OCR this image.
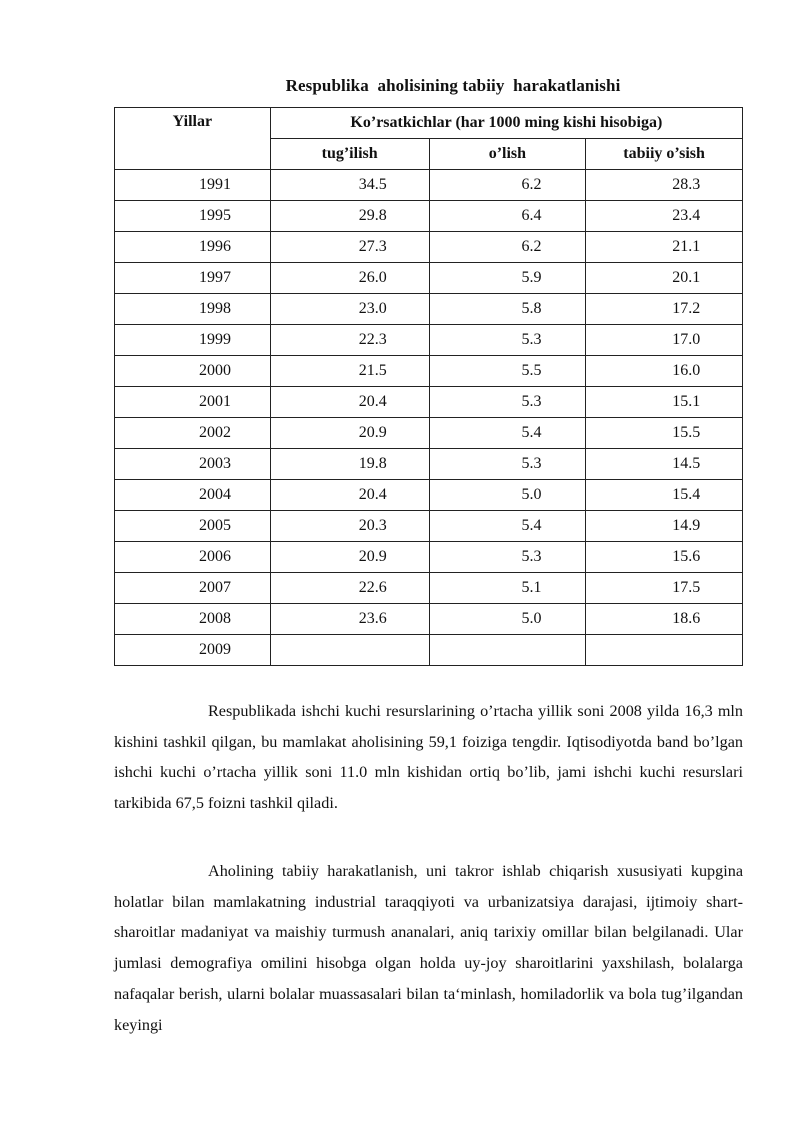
Respublika  aholisining tabiiy  harakatlanishi
Yillar	Ko’rsatkichlar (har 1000 ming kishi hisobiga)		
	tug’ilish	o’lish	tabiiy o’sish
1991	34.5	6.2	28.3
1995	29.8	6.4	23.4
1996	27.3	6.2	21.1
1997	26.0	5.9	20.1
1998	23.0	5.8	17.2
1999	22.3	5.3	17.0
2000	21.5	5.5	16.0
2001	20.4	5.3	15.1
2002	20.9	5.4	15.5
2003	19.8	5.3	14.5
2004	20.4	5.0	15.4
2005	20.3	5.4	14.9
2006	20.9	5.3	15.6
2007	22.6	5.1	17.5
2008	23.6	5.0	18.6
2009			
Respublikada ishchi kuchi resurslarining o’rtacha yillik soni 2008 yilda 16,3 mln kishini tashkil qilgan, bu mamlakat aholisining 59,1 foiziga tengdir. Iqtisodiyotda band bo’lgan ishchi kuchi o’rtacha yillik soni 11.0 mln kishidan ortiq bo’lib, jami ishchi kuchi resurslari tarkibida 67,5 foizni tashkil qiladi.
Aholining tabiiy harakatlanish, uni takror ishlab chiqarish xususiyati kupgina holatlar bilan mamlakatning industrial taraqqiyoti va urbanizatsiya darajasi, ijtimoiy shart-sharoitlar madaniyat va maishiy turmush ananalari, aniq tarixiy omillar bilan belgilanadi. Ular jumlasi demografiya omilini hisobga olgan holda uy-joy sharoitlarini yaxshilash, bolalarga nafaqalar berish, ularni bolalar muassasalari bilan ta‘minlash, homiladorlik va bola tug’ilgandan keyingi
